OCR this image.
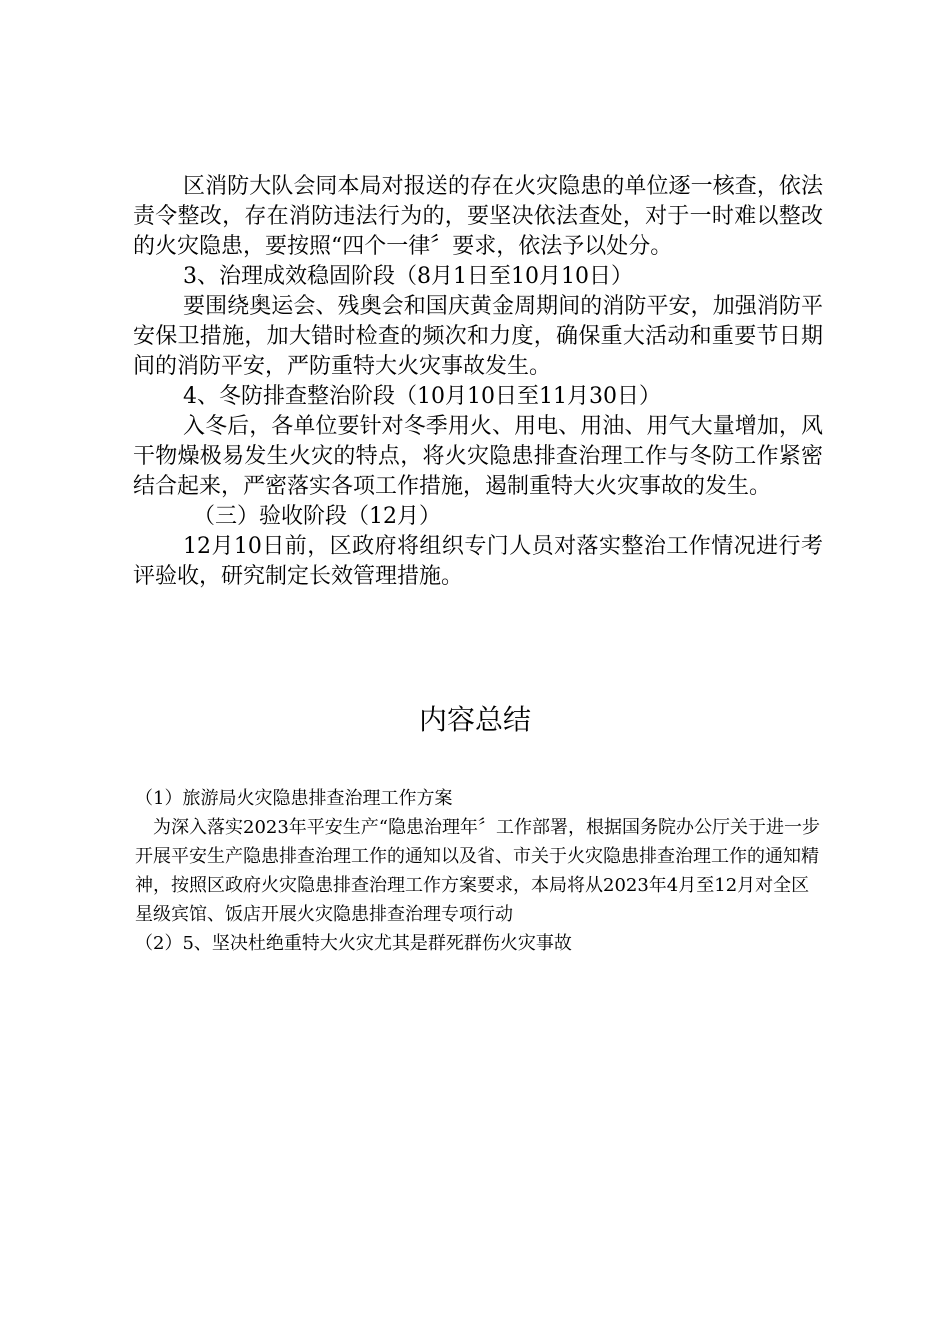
区消防大队会同本局对报送的存在火灾隐患的单位逐一核查，依法责令整改，存在消防违法行为的，要坚决依法查处，对于一时难以整改的火灾隐患，要按照“四个一律〞要求，依法予以处分。

3、治理成效稳固阶段（8月1日至10月10日）

要围绕奥运会、残奥会和国庆黄金周期间的消防平安，加强消防平安保卫措施，加大错时检查的频次和力度，确保重大活动和重要节日期间的消防平安，严防重特大火灾事故发生。

4、冬防排查整治阶段（10月10日至11月30日）

入冬后，各单位要针对冬季用火、用电、用油、用气大量增加，风干物燥极易发生火灾的特点，将火灾隐患排查治理工作与冬防工作紧密结合起来，严密落实各项工作措施，遏制重特大火灾事故的发生。

（三）验收阶段（12月）

12月10日前，区政府将组织专门人员对落实整治工作情况进行考评验收，研究制定长效管理措施。

内容总结

（1）旅游局火灾隐患排查治理工作方案

为深入落实2023年平安生产“隐患治理年〞工作部署，根据国务院办公厅关于进一步开展平安生产隐患排查治理工作的通知以及省、市关于火灾隐患排查治理工作的通知精神，按照区政府火灾隐患排查治理工作方案要求，本局将从2023年4月至12月对全区星级宾馆、饭店开展火灾隐患排查治理专项行动

（2）5、坚决杜绝重特大火灾尤其是群死群伤火灾事故
